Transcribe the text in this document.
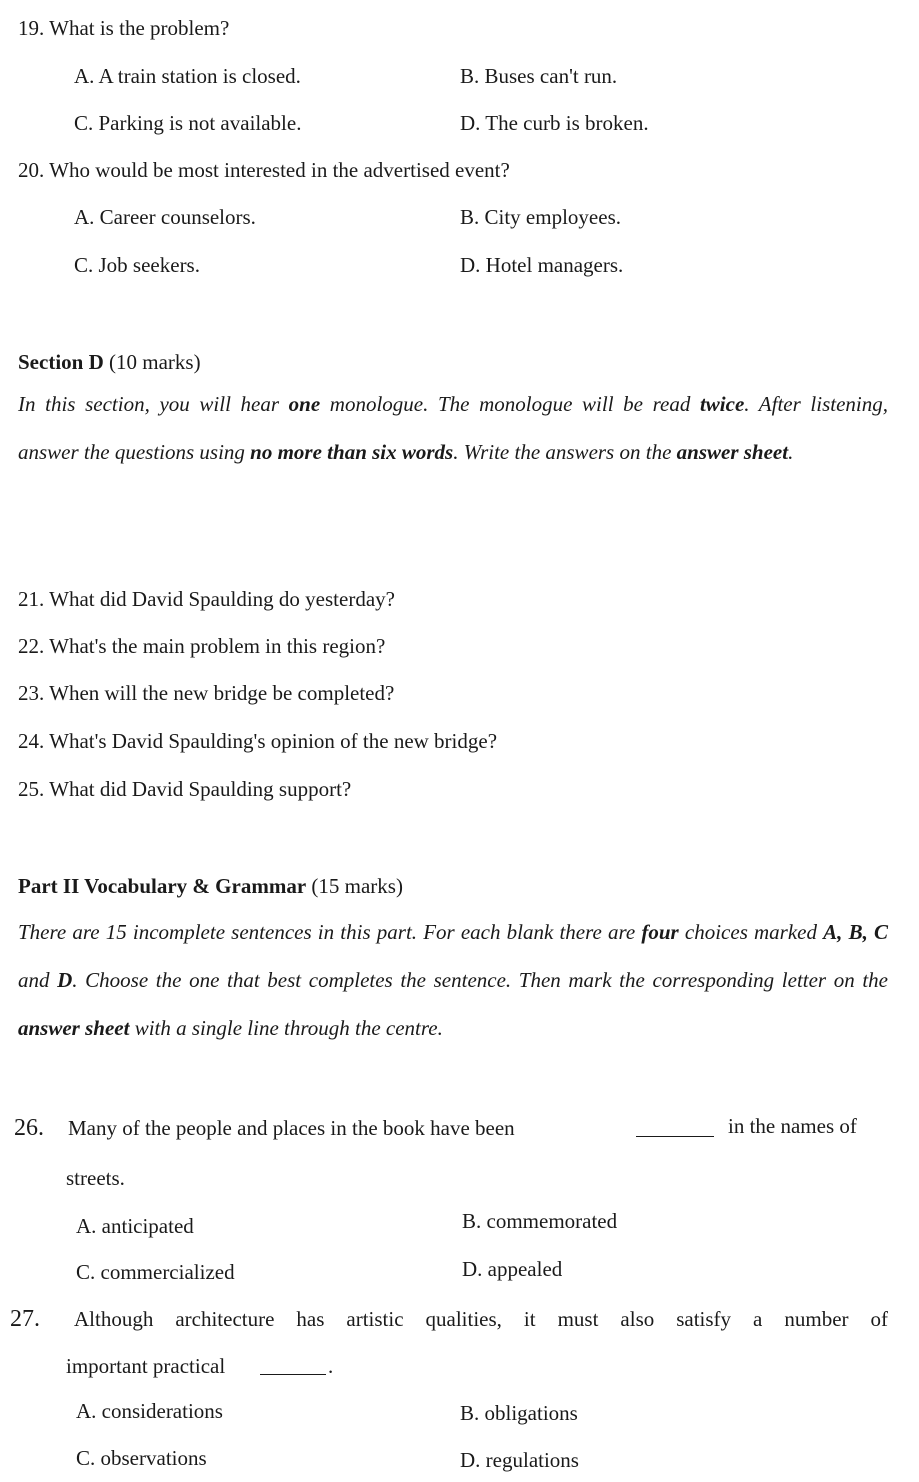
19. What is the problem?
A. A train station is closed.	B. Buses can't run.
C. Parking is not available.	D. The curb is broken.
20. Who would be most interested in the advertised event?
A. Career counselors.	B. City employees.
C. Job seekers.	D. Hotel managers.
Section D (10 marks)
In this section, you will hear one monologue. The monologue will be read twice. After listening, answer the questions using no more than six words. Write the answers on the answer sheet.
21. What did David Spaulding do yesterday?
22. What's the main problem in this region?
23. When will the new bridge be completed?
24. What's David Spaulding's opinion of the new bridge?
25. What did David Spaulding support?
Part II Vocabulary & Grammar (15 marks)
There are 15 incomplete sentences in this part. For each blank there are four choices marked A, B, C and D. Choose the one that best completes the sentence. Then mark the corresponding letter on the answer sheet with a single line through the centre.
26. Many of the people and places in the book have been	in the names of
streets.
A. anticipated	B. commemorated
C. commercialized	D. appealed
27. Although architecture has artistic qualities, it must also satisfy a number of
important practical	.
A. considerations	B. obligations
C. observations	D. regulations
